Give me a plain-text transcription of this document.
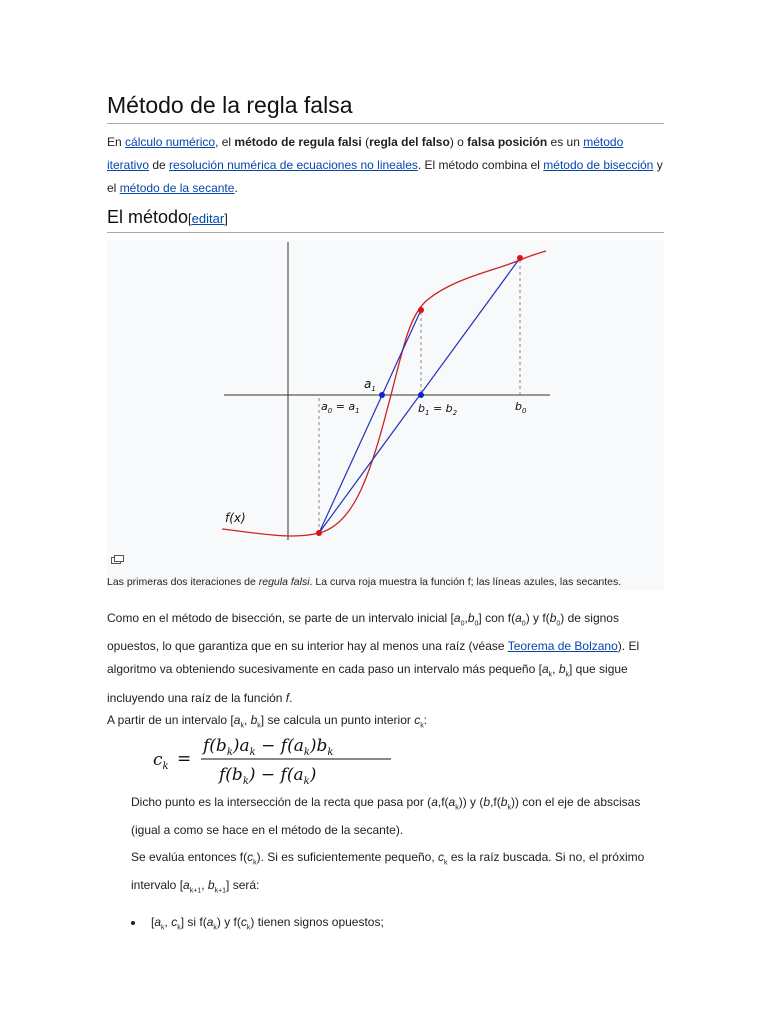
Método de la regla falsa
En cálculo numérico, el método de regula falsi (regla del falso) o falsa posición es un método iterativo de resolución numérica de ecuaciones no lineales. El método combina el método de bisección y el método de la secante.
El método[editar]
f(x)
$a_1$
$a_0 = a_1$	$b_1 = b_2$	$b_0$
Las primeras dos iteraciones de regula falsi. La curva roja muestra la función f; las líneas azules, las secantes.
Como en el método de bisección, se parte de un intervalo inicial $[a_0,b_0]$ con $f(a_0)$ y $f(b_0)$ de signos opuestos, lo que garantiza que en su interior hay al menos una raíz (véase Teorema de Bolzano). El algoritmo va obteniendo sucesivamente en cada paso un intervalo más pequeño [$a_k$, $b_k$] que sigue incluyendo una raíz de la función f.
A partir de un intervalo [$a_k$, $b_k$] se calcula un punto interior $c_k$:
$c_k$ =
$f(b_k)a_k - f(a_k)b_k$
$f(b_k) - f(a_k)$
Dicho punto es la intersección de la recta que pasa por $(a,f(a_k))$ y $(b,f(b_k))$ con el eje de abscisas (igual a como se hace en el método de la secante).
Se evalúa entonces $f(c_k)$. Si es suficientemente pequeño, $c_k$ es la raíz buscada. Si no, el próximo intervalo [$a_{k+1}$, $b_{k+1}$] será:
[$a_k$, $c_k$] si $f(a_k)$ y $f(c_k)$ tienen signos opuestos;
